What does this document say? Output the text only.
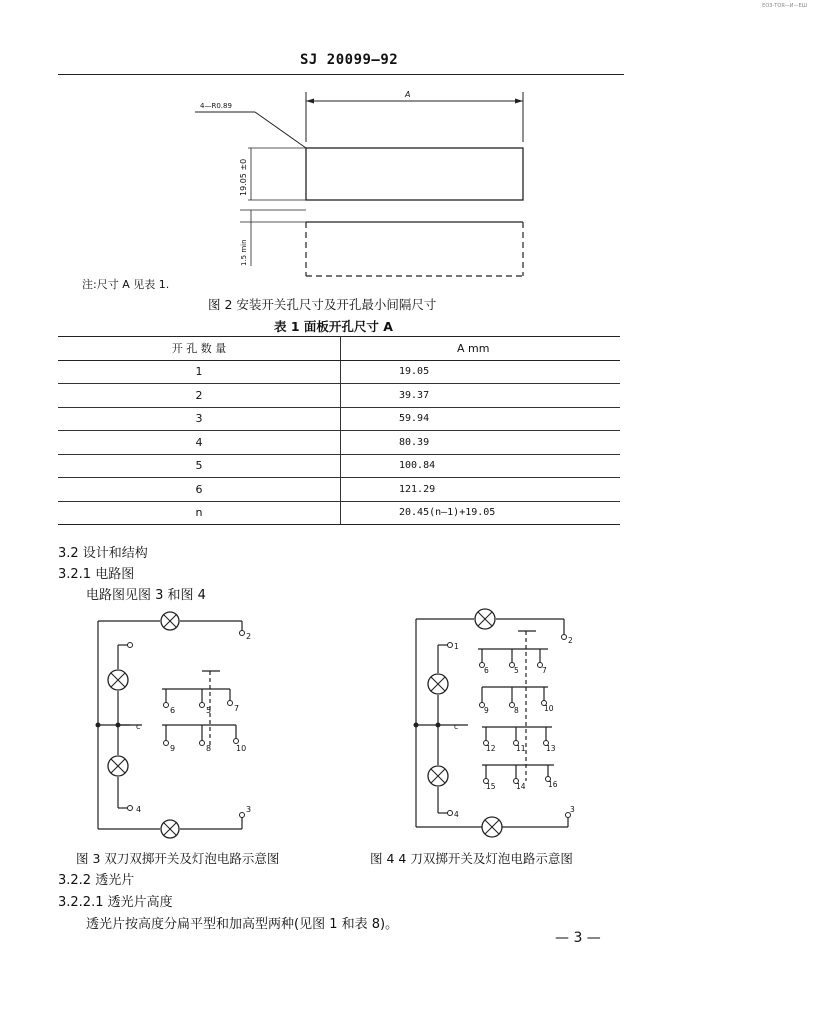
SJ 20099—92
ЕОЗ-ТОЯ—И—ЕШ
4—R0.89
A
19.05 ±0
1.5 min
注:尺寸 A 见表 1.
图 2 安装开关孔尺寸及开孔最小间隔尺寸
表 1 面板开孔尺寸 A
开 孔 数 量	A mm
1	19.05
2	39.37
3	59.94
4	80.39
5	100.84
6	121.29
n	20.45(n—1)+19.05
3.2 设计和结构
3.2.1 电路图
电路图见图 3 和图 4
2
c
6	5	7
9	8	10
4	3
1
2
6	5	7
9	8	10
c
12	11	13
15	14	16
4
3
图 3 双刀双掷开关及灯泡电路示意图	图 4 4 刀双掷开关及灯泡电路示意图
3.2.2 透光片
3.2.2.1 透光片高度
透光片按高度分扁平型和加高型两种(见图 1 和表 8)。
— 3 —
